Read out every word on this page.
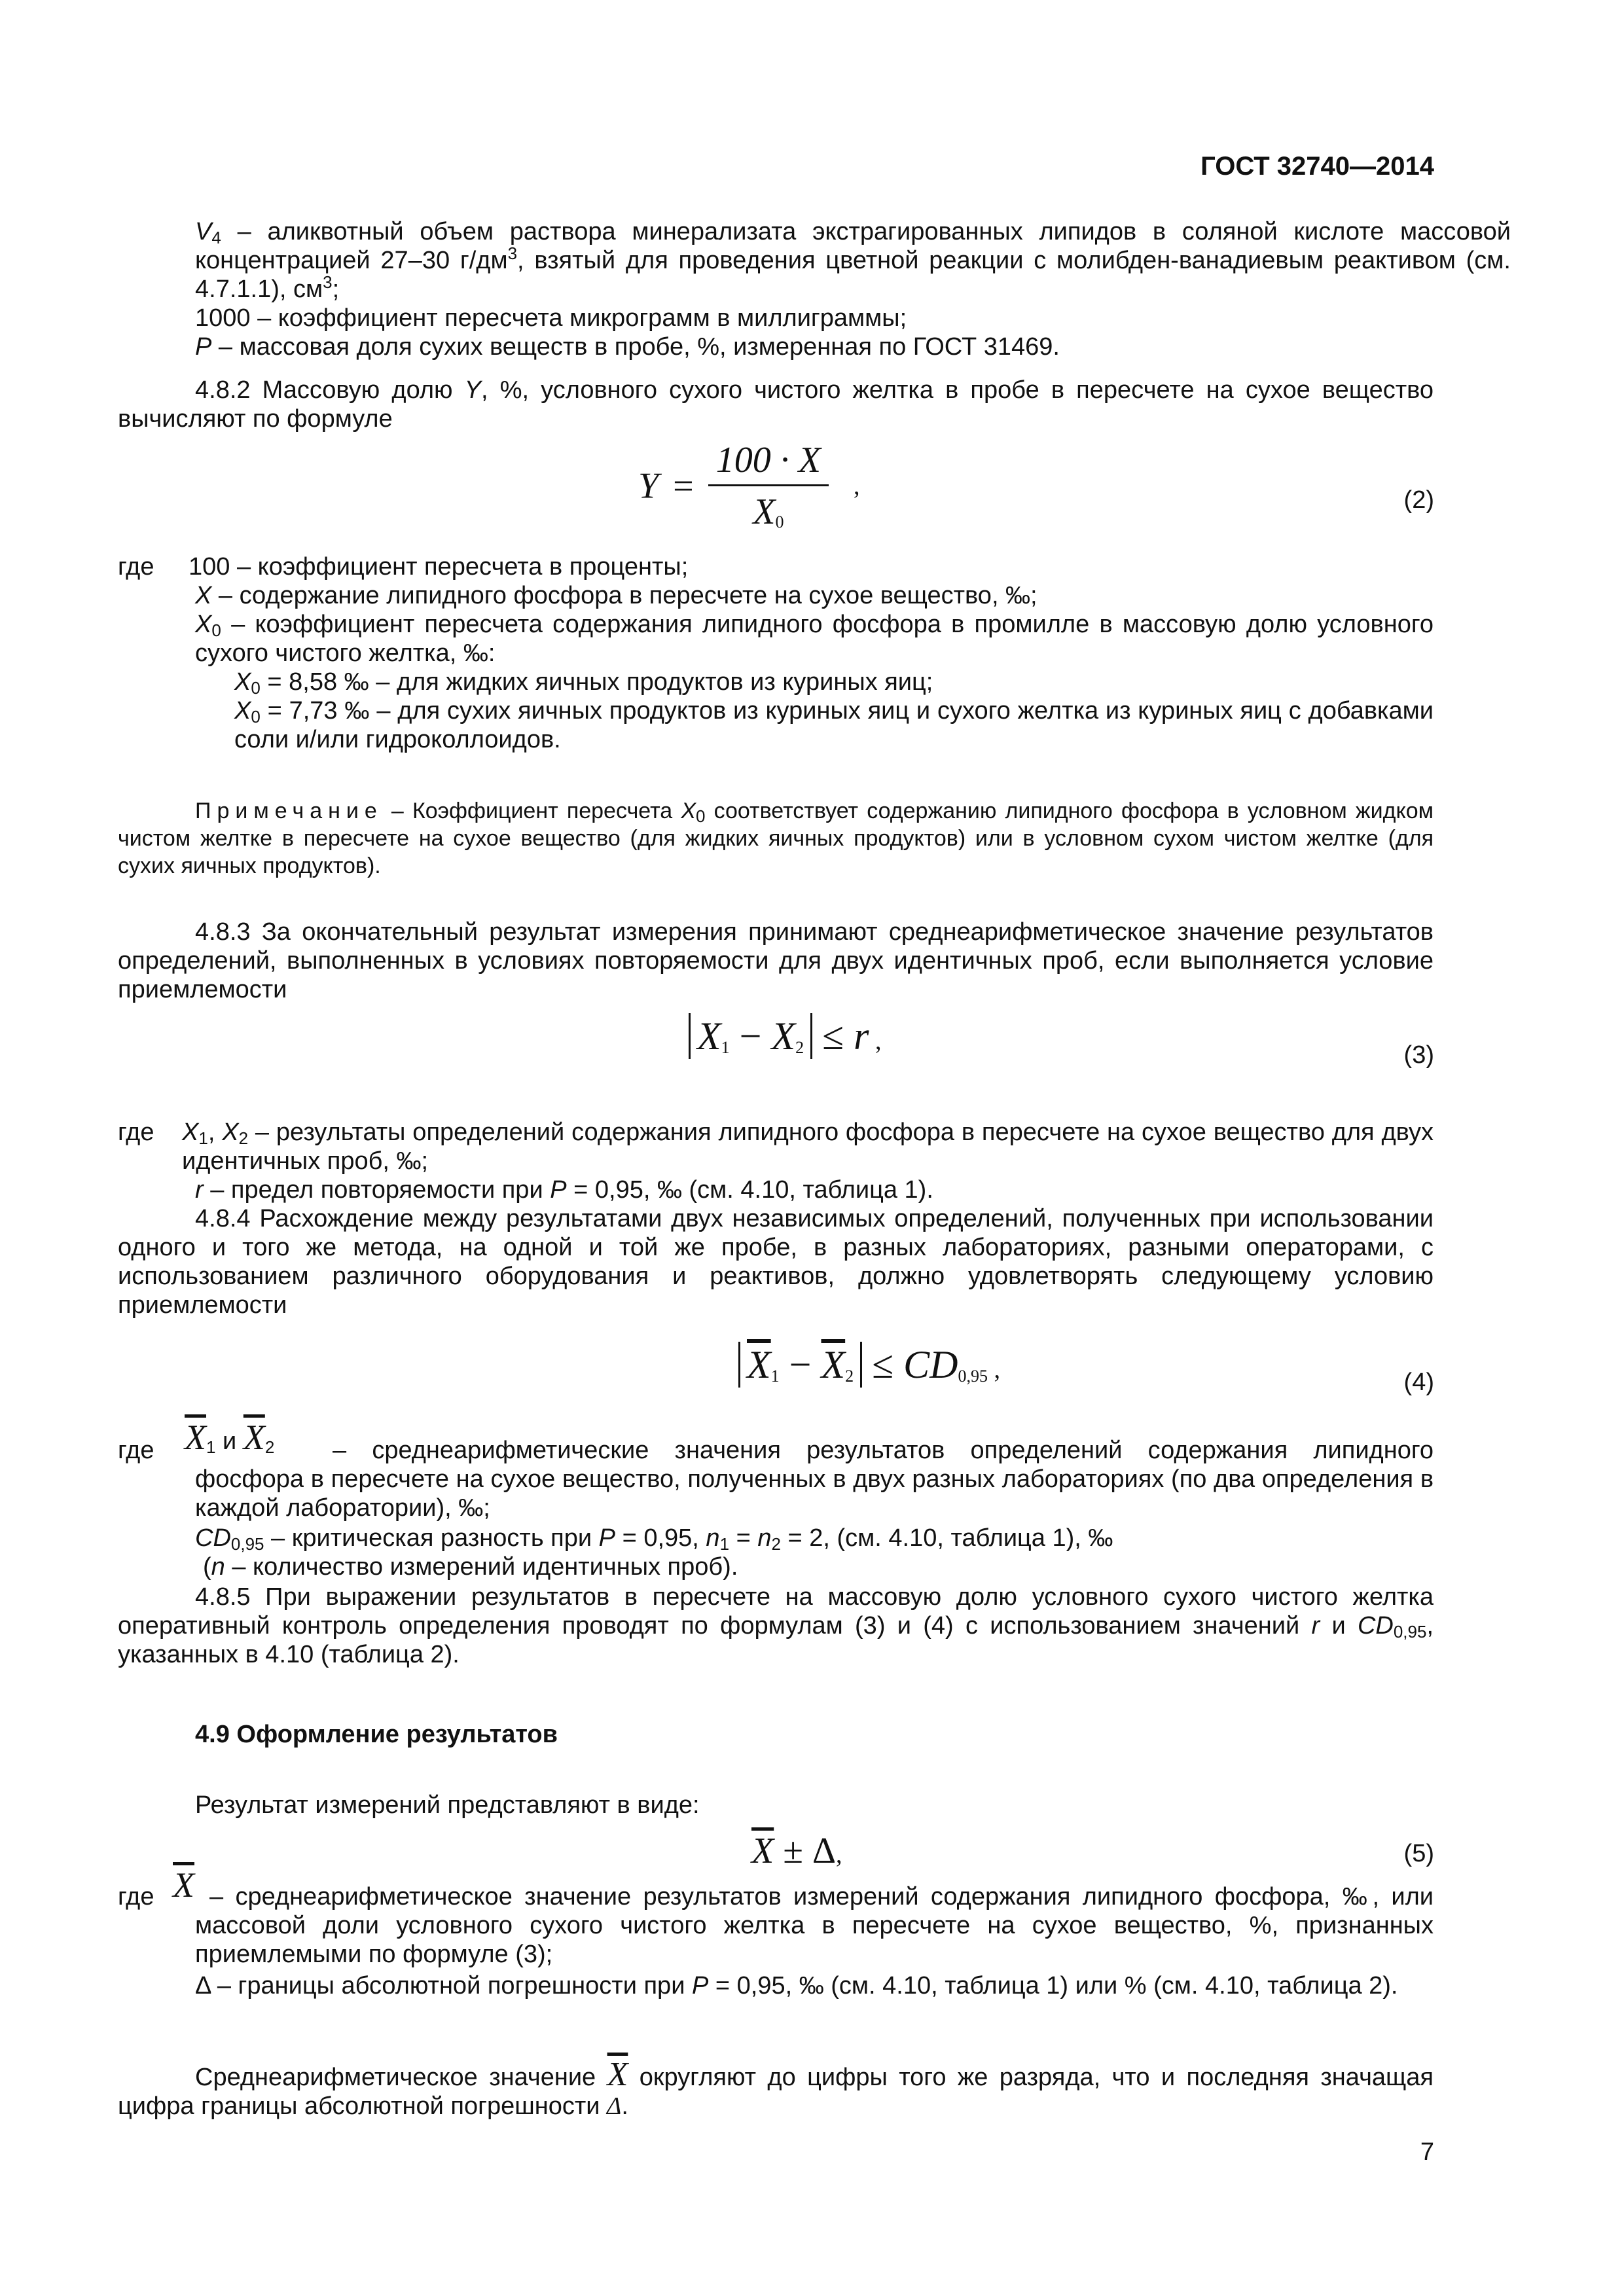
ГОСТ 32740—2014
$V_4$ – аликвотный объем раствора минерализата экстрагированных липидов в соляной кислоте массовой концентрацией 27–30 $г/дм^3$, взятый для проведения цветной реакции с молибден-ванадиевым реактивом (см. 4.7.1.1), $см^3$;
1000 – коэффициент пересчета микрограмм в миллиграммы;
P – массовая доля сухих веществ в пробе, %, измеренная по ГОСТ 31469.
4.8.2 Массовую долю Y, %, условного сухого чистого желтка в пробе в пересчете на сухое вещество вычисляют по формуле
$Y = \frac{100 \cdot X}{X_0}$ ,
(2)
где 100 – коэффициент пересчета в проценты;
X – содержание липидного фосфора в пересчете на сухое вещество, ‰;
$X_0$ – коэффициент пересчета содержания липидного фосфора в промилле в массовую долю условного сухого чистого желтка, ‰:
$X_0 = 8,58$ ‰ – для жидких яичных продуктов из куриных яиц;
$X_0 = 7,73$ ‰ – для сухих яичных продуктов из куриных яиц и сухого желтка из куриных яиц с добавками соли и/или гидроколлоидов.
Примечание – Коэффициент пересчета $X_0$ соответствует содержанию липидного фосфора в условном жидком чистом желтке в пересчете на сухое вещество (для жидких яичных продуктов) или в условном сухом чистом желтке (для сухих яичных продуктов).
4.8.3 За окончательный результат измерения принимают среднеарифметическое значение результатов определений, выполненных в условиях повторяемости для двух идентичных проб, если выполняется условие приемлемости
$X_1 - X_2 \le r$ ,	(3)
где $X_1$, $X_2$ – результаты определений содержания липидного фосфора в пересчете на сухое вещество для двух идентичных проб, ‰;
r – предел повторяемости при P = 0,95, ‰ (см. 4.10, таблица 1).
4.8.4 Расхождение между результатами двух независимых определений, полученных при использовании одного и того же метода, на одной и той же пробе, в разных лабораториях, разными операторами, с использованием различного оборудования и реактивов, должно удовлетворять следующему условию приемлемости
$\overline{X}_1 - \overline{X}_2 \le CD_{0,95}$ ,	(4)
где $\overline{X}_1$ и $\overline{X}_2$	– среднеарифметические значения результатов определений содержания липидного фосфора в пересчете на сухое вещество, полученных в двух разных лабораториях (по два определения в каждой лаборатории), ‰;
$CD_{0,95}$ – критическая разность при P = 0,95, $n_1 = n_2 = 2$, (см. 4.10, таблица 1), ‰
(n – количество измерений идентичных проб).
4.8.5 При выражении результатов в пересчете на массовую долю условного сухого чистого желтка оперативный контроль определения проводят по формулам (3) и (4) с использованием значений r и $CD_{0,95}$, указанных в 4.10 (таблица 2).
4.9 Оформление результатов
Результат измерений представляют в виде:
$\overline{X} \pm \Delta$,	(5)
где $\overline{X}$ – среднеарифметическое значение результатов измерений содержания липидного фосфора, ‰, или массовой доли условного сухого чистого желтка в пересчете на сухое вещество, %, признанных приемлемыми по формуле (3);
Δ – границы абсолютной погрешности при P = 0,95, ‰ (см. 4.10, таблица 1) или % (см. 4.10, таблица 2).
Среднеарифметическое значение $\overline{X}$ округляют до цифры того же разряда, что и последняя значащая цифра границы абсолютной погрешности Δ.
7
